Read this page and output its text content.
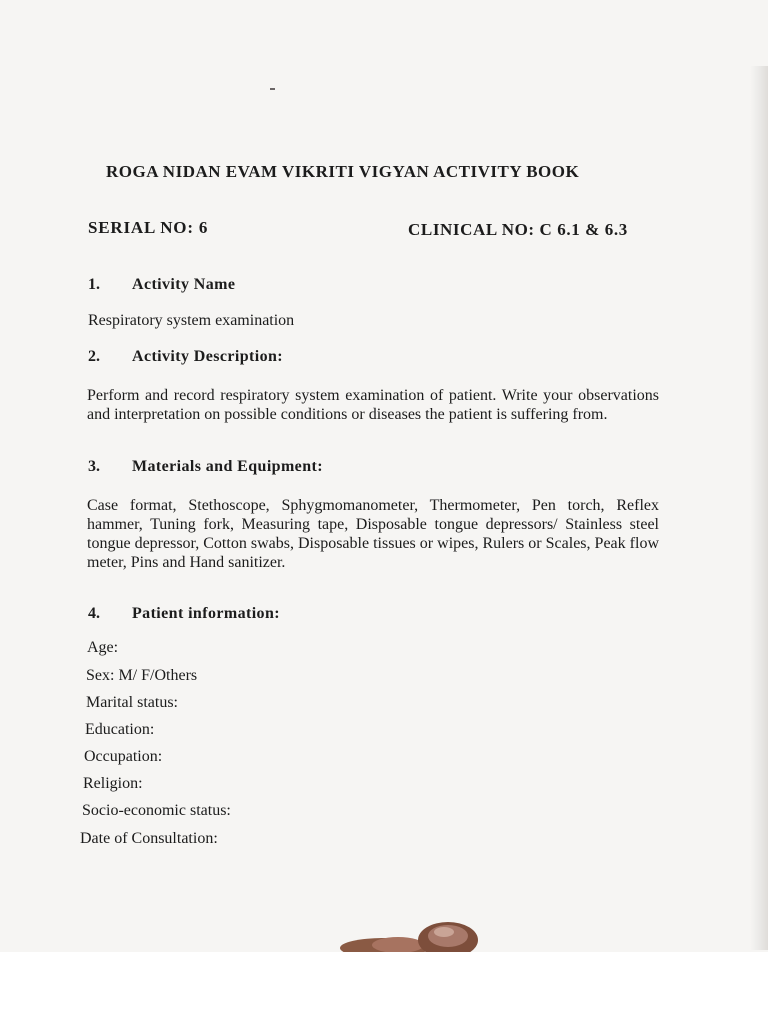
ROGA NIDAN EVAM VIKRITI VIGYAN ACTIVITY BOOK
SERIAL NO: 6	CLINICAL NO: C 6.1 & 6.3
1. Activity Name
Respiratory system examination
2. Activity Description:

Perform and record respiratory system examination of patient. Write your observations and interpretation on possible conditions or diseases the patient is suffering from.

3. Materials and Equipment:

Case format, Stethoscope, Sphygmomanometer, Thermometer, Pen torch, Reflex hammer, Tuning fork, Measuring tape, Disposable tongue depressors/ Stainless steel tongue depressor, Cotton swabs, Disposable tissues or wipes, Rulers or Scales, Peak flow meter, Pins and Hand sanitizer.

4. Patient information:
Age:
Sex: M/ F/Others
Marital status:
Education:
Occupation:
Religion:
Socio-economic status:
Date of Consultation:
